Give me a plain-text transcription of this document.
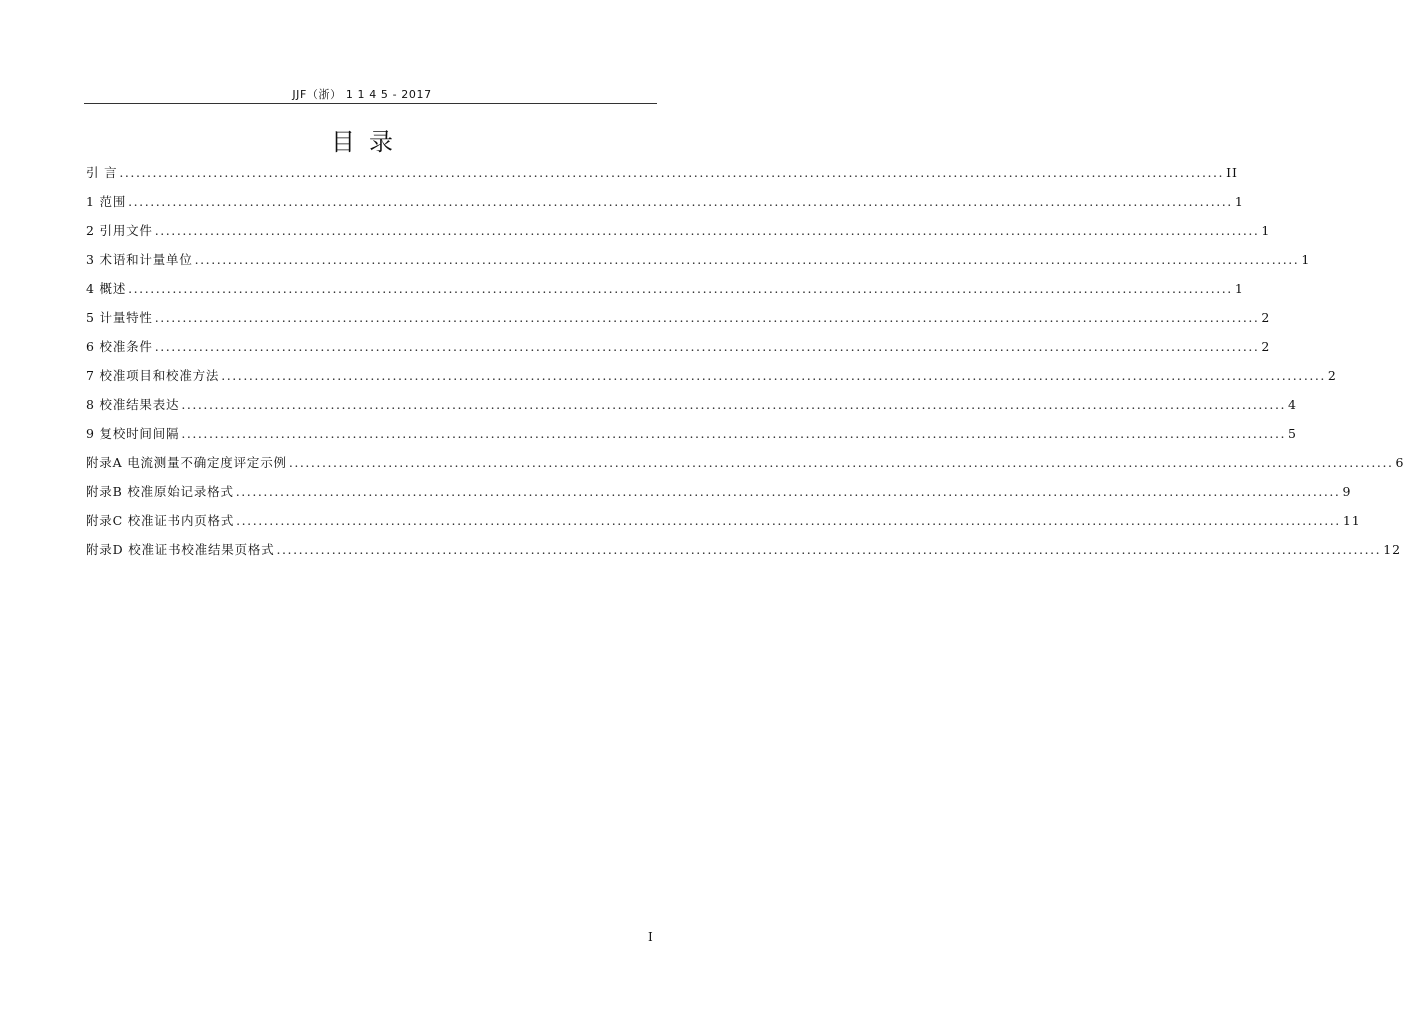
JJF（浙） 1 1 4 5 - 2017
目录
引 言 ........................................................................................................................................................................................................ II
1 范围 ........................................................................................................................................................................................................ 1
2 引用文件 ........................................................................................................................................................................................................ 1
3 术语和计量单位 ........................................................................................................................................................................................................ 1
4 概述 ........................................................................................................................................................................................................ 1
5 计量特性 ........................................................................................................................................................................................................ 2
6 校准条件 ........................................................................................................................................................................................................ 2
7 校准项目和校准方法 ........................................................................................................................................................................................................ 2
8 校准结果表达 ........................................................................................................................................................................................................ 4
9 复校时间间隔 ........................................................................................................................................................................................................ 5
附录A 电流测量不确定度评定示例 ........................................................................................................................................................................................................ 6
附录B 校准原始记录格式 ........................................................................................................................................................................................................ 9
附录C 校准证书内页格式 ........................................................................................................................................................................................................ 11
附录D 校准证书校准结果页格式 ........................................................................................................................................................................................................ 12
I
